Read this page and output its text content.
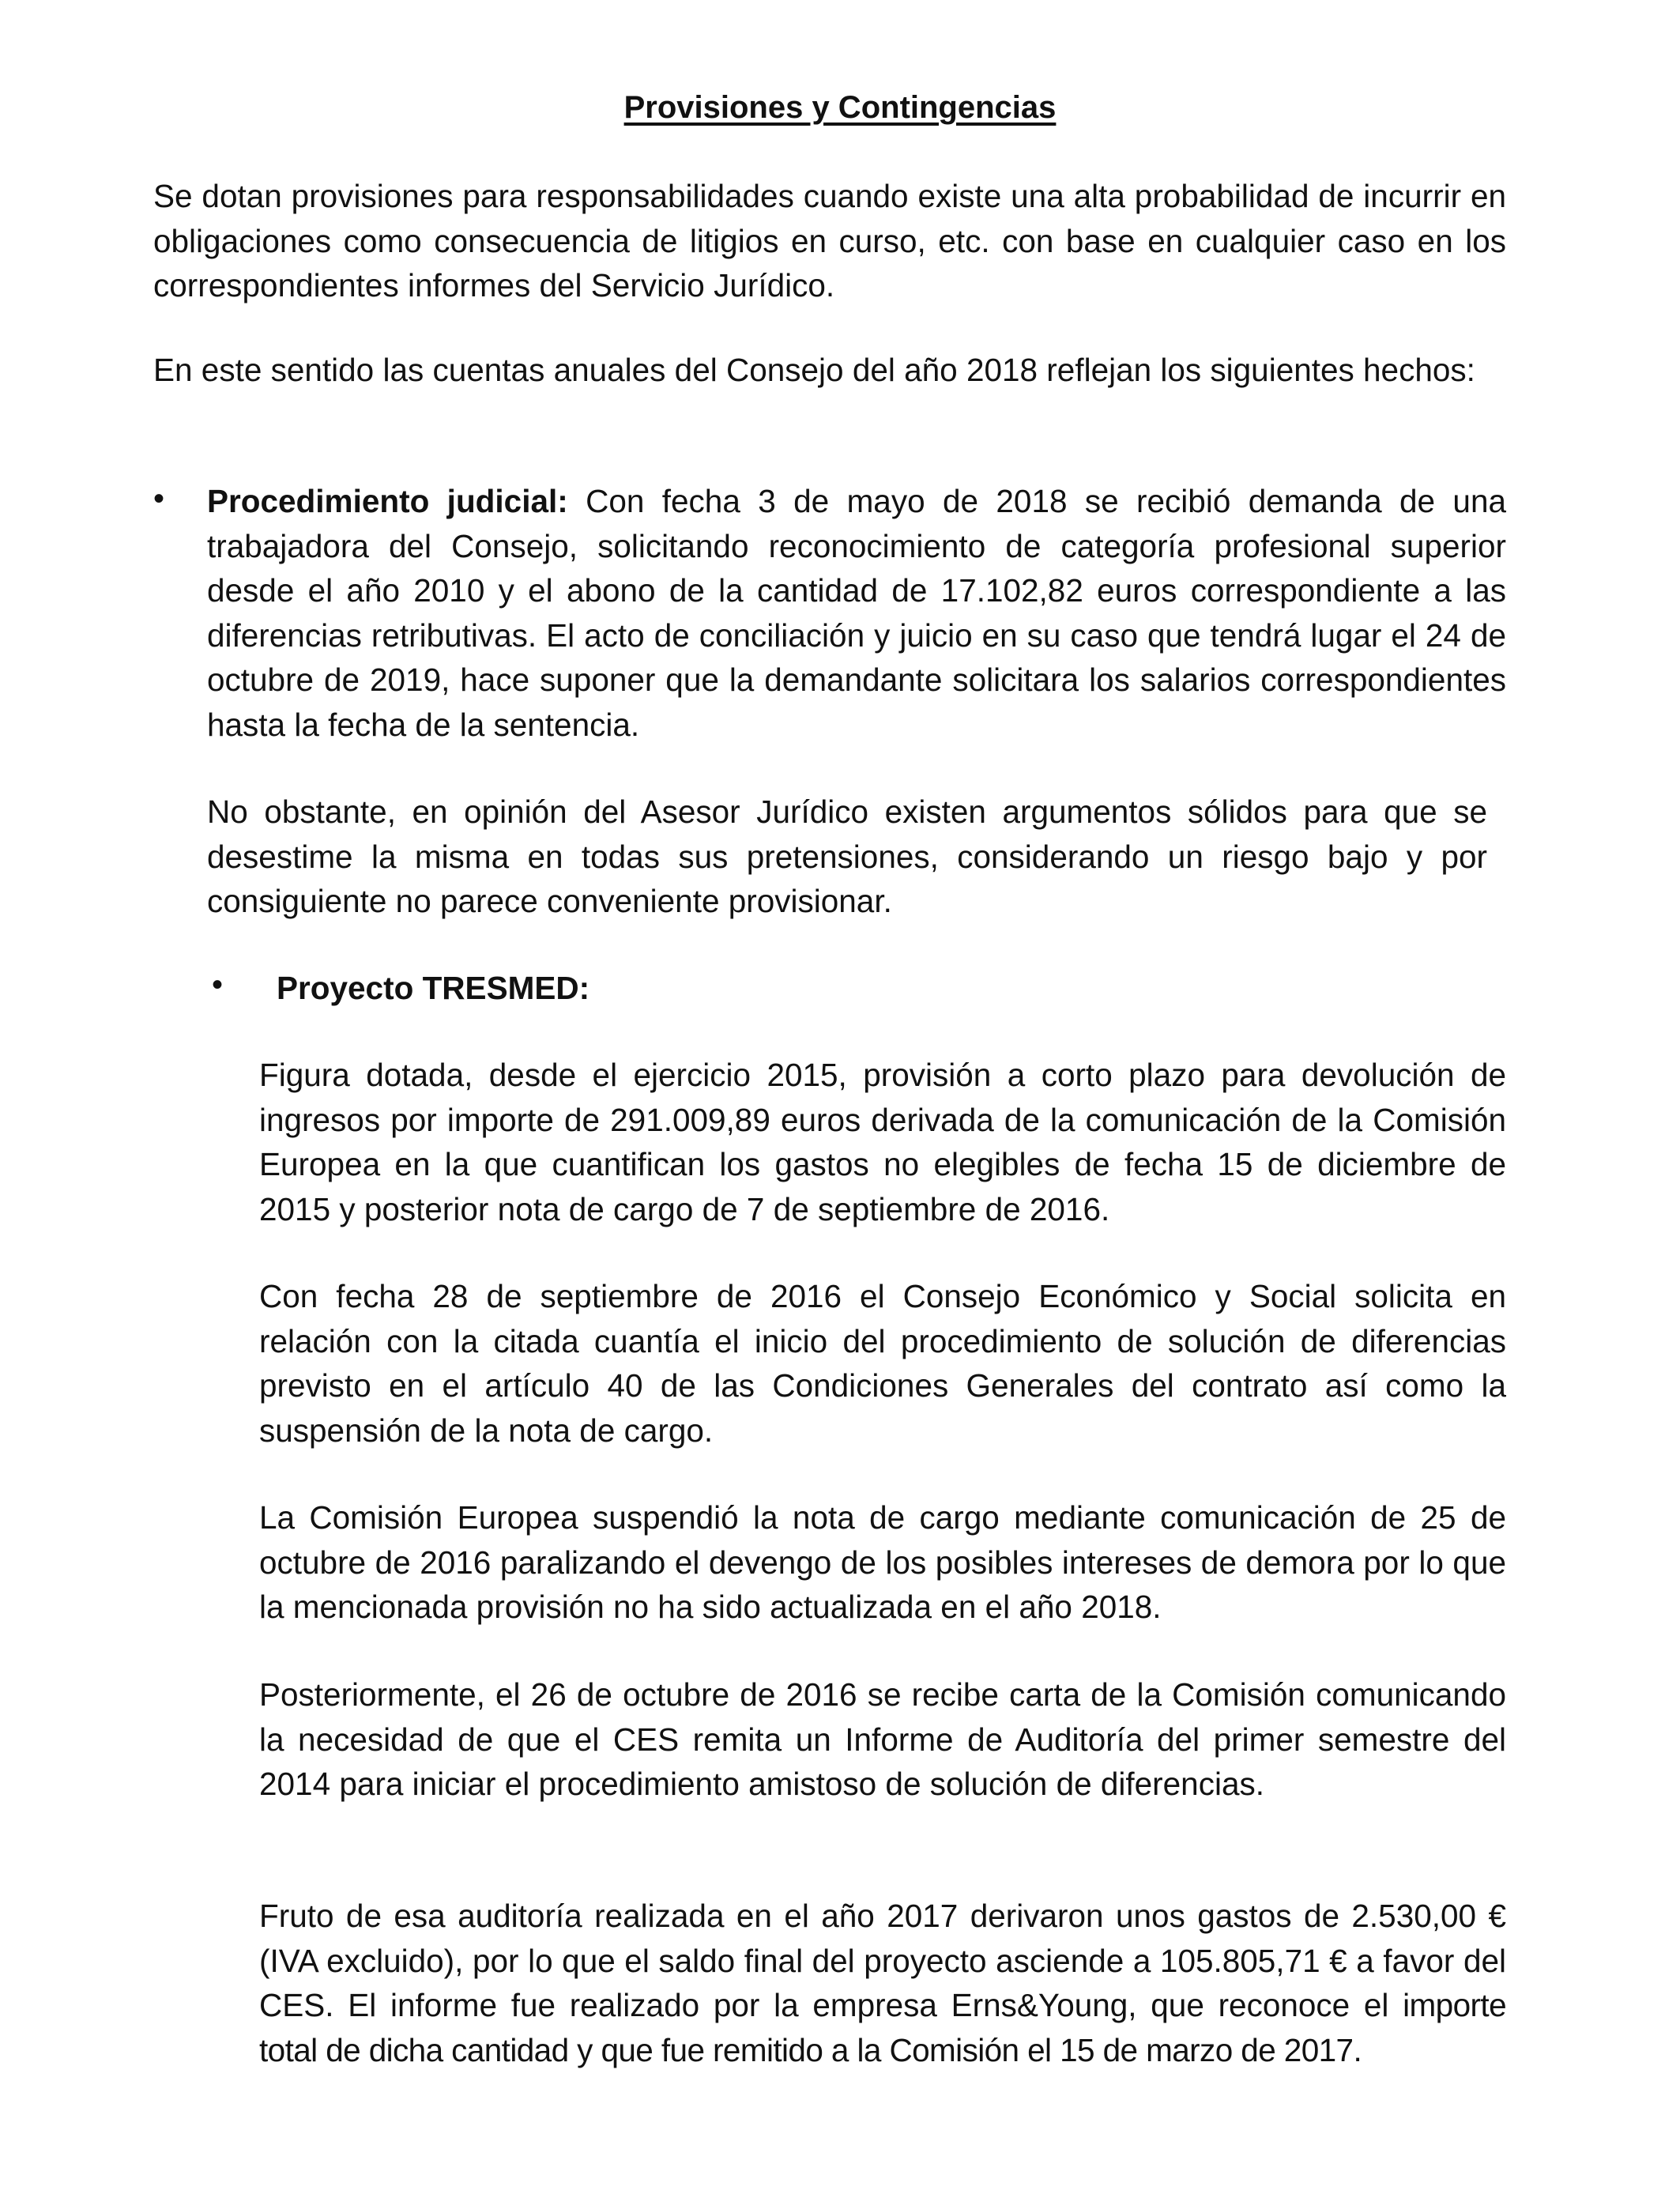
Provisiones y Contingencias

Se dotan provisiones para responsabilidades cuando existe una alta probabilidad de incurrir en obligaciones como consecuencia de litigios en curso, etc. con base en cualquier caso en los correspondientes informes del Servicio Jurídico.

En este sentido las cuentas anuales del Consejo del año 2018 reflejan los siguientes hechos:

• Procedimiento judicial: Con fecha 3 de mayo de 2018 se recibió demanda de una trabajadora del Consejo, solicitando reconocimiento de categoría profesional superior desde el año 2010 y el abono de la cantidad de 17.102,82 euros correspondiente a las diferencias retributivas. El acto de conciliación y juicio en su caso que tendrá lugar el 24 de octubre de 2019, hace suponer que la demandante solicitara los salarios correspondientes hasta la fecha de la sentencia.

No obstante, en opinión del Asesor Jurídico existen argumentos sólidos para que se desestime la misma en todas sus pretensiones, considerando un riesgo bajo y por consiguiente no parece conveniente provisionar.

• Proyecto TRESMED:

Figura dotada, desde el ejercicio 2015, provisión a corto plazo para devolución de ingresos por importe de 291.009,89 euros derivada de la comunicación de la Comisión Europea en la que cuantifican los gastos no elegibles de fecha 15 de diciembre de 2015 y posterior nota de cargo de 7 de septiembre de 2016.

Con fecha 28 de septiembre de 2016 el Consejo Económico y Social solicita en relación con la citada cuantía el inicio del procedimiento de solución de diferencias previsto en el artículo 40 de las Condiciones Generales del contrato así como la suspensión de la nota de cargo.

La Comisión Europea suspendió la nota de cargo mediante comunicación de 25 de octubre de 2016 paralizando el devengo de los posibles intereses de demora por lo que la mencionada provisión no ha sido actualizada en el año 2018.

Posteriormente, el 26 de octubre de 2016 se recibe carta de la Comisión comunicando la necesidad de que el CES remita un Informe de Auditoría del primer semestre del 2014 para iniciar el procedimiento amistoso de solución de diferencias.

Fruto de esa auditoría realizada en el año 2017 derivaron unos gastos de 2.530,00 € (IVA excluido), por lo que el saldo final del proyecto asciende a 105.805,71 € a favor del CES. El informe fue realizado por la empresa Erns&Young, que reconoce el importe total de dicha cantidad y que fue remitido a la Comisión el 15 de marzo de 2017.
